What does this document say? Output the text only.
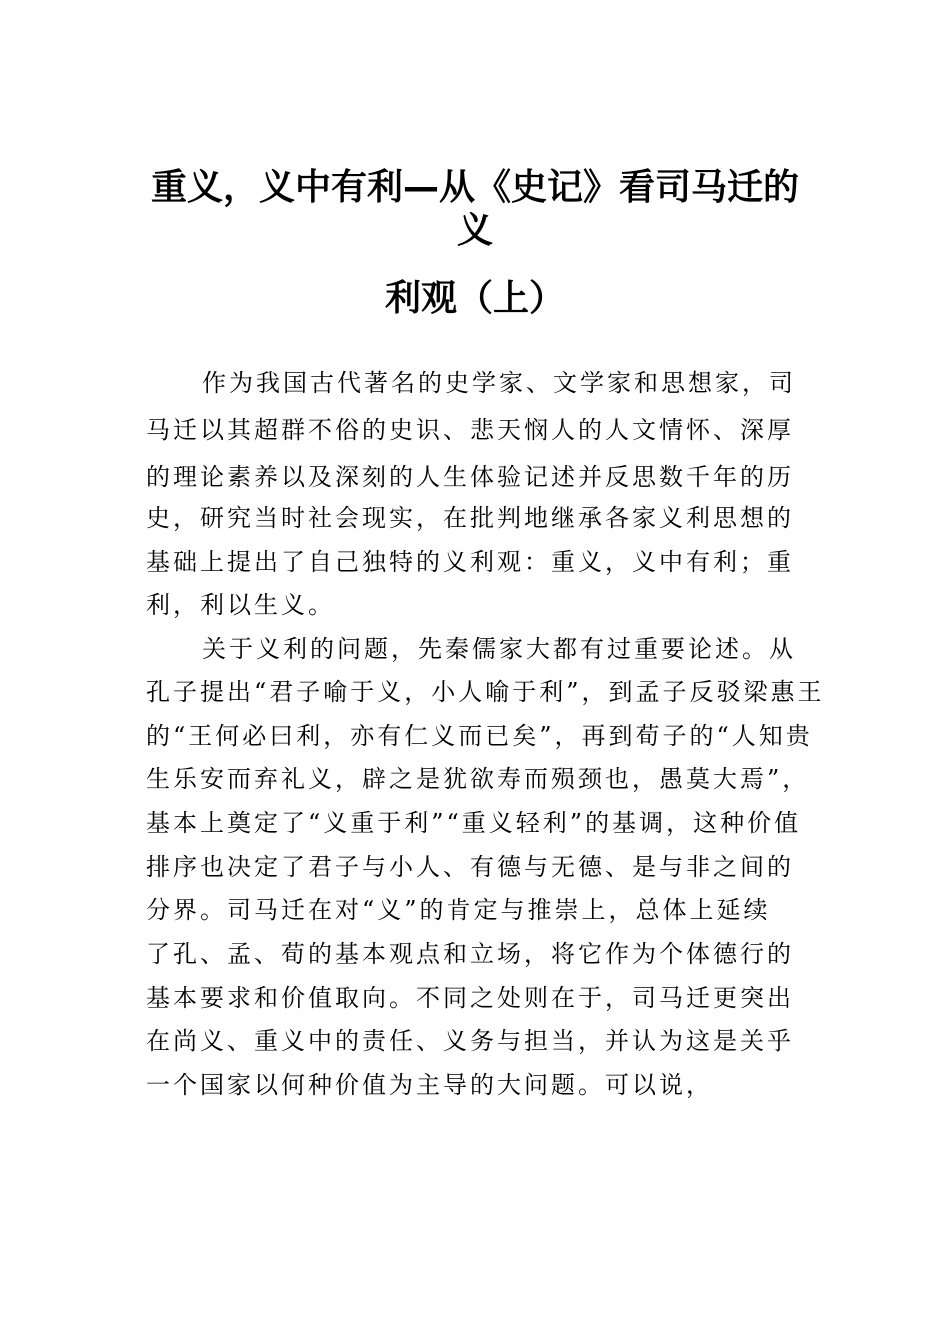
重义，义中有利—从《史记》看司马迁的
义
利观（上）
作为我国古代著名的史学家、文学家和思想家，司
马迁以其超群不俗的史识、悲天悯人的人文情怀、深厚
的理论素养以及深刻的人生体验记述并反思数千年的历
史，研究当时社会现实，在批判地继承各家义利思想的
基础上提出了自己独特的义利观：重义，义中有利；重
利，利以生义。
关于义利的问题，先秦儒家大都有过重要论述。从
孔子提出“君子喻于义，小人喻于利”，到孟子反驳梁惠王
的“王何必曰利，亦有仁义而已矣”，再到荀子的“人知贵
生乐安而弃礼义，辟之是犹欲寿而殒颈也，愚莫大焉”，
基本上奠定了“义重于利”“重义轻利”的基调，这种价值
排序也决定了君子与小人、有德与无德、是与非之间的
分界。司马迁在对“义”的肯定与推崇上，总体上延续
了孔、孟、荀的基本观点和立场，将它作为个体德行的
基本要求和价值取向。不同之处则在于，司马迁更突出
在尚义、重义中的责任、义务与担当，并认为这是关乎
一个国家以何种价值为主导的大问题。可以说，
